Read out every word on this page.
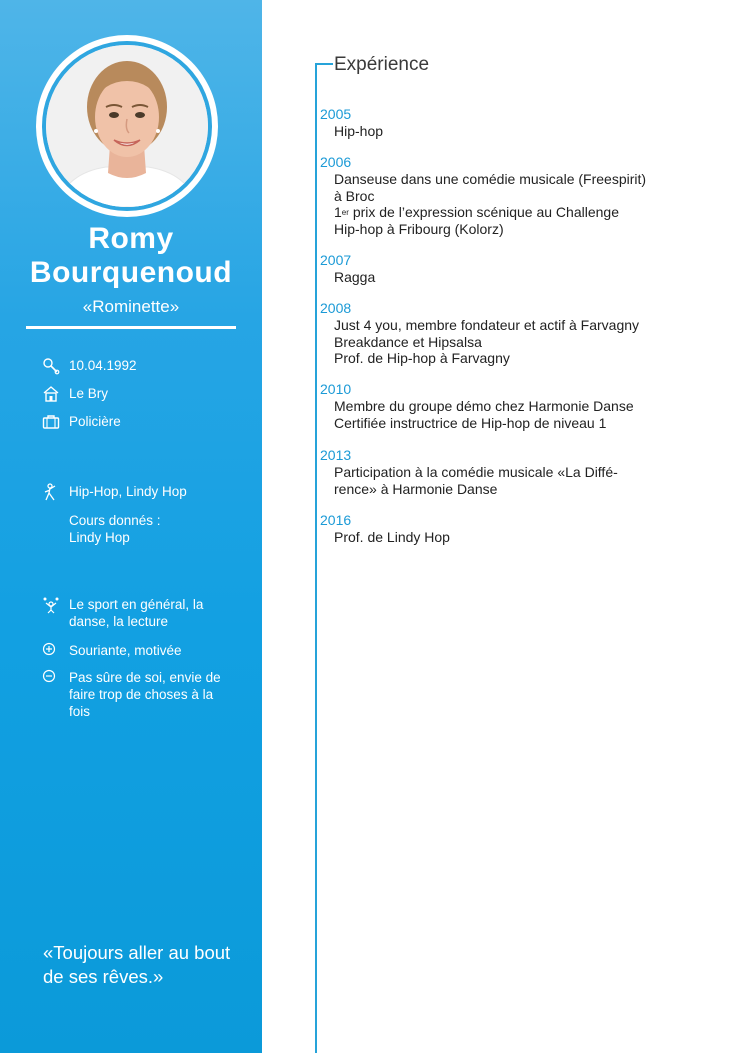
Romy
Bourquenoud
«Rominette»
10.04.1992
Le Bry
Policière
Hip-Hop, Lindy Hop
Cours donnés :
Lindy Hop
Le sport en général, la danse, la lecture
Souriante, motivée
Pas sûre de soi, envie de faire trop de choses à la fois
«Toujours aller au bout de ses rêves.»
Expérience
2005
Hip-hop
2006
Danseuse dans une comédie musicale (Freespirit)
à Broc
1er prix de l’expression scénique au Challenge
Hip-hop à Fribourg (Kolorz)
2007
Ragga
2008
Just 4 you, membre fondateur et actif à Farvagny
Breakdance et Hipsalsa
Prof. de Hip-hop à Farvagny
2010
Membre du groupe démo chez Harmonie Danse
Certifiée instructrice de Hip-hop de niveau 1
2013
Participation à la comédie musicale «La Diffé-
rence» à Harmonie Danse
2016
Prof. de Lindy Hop
